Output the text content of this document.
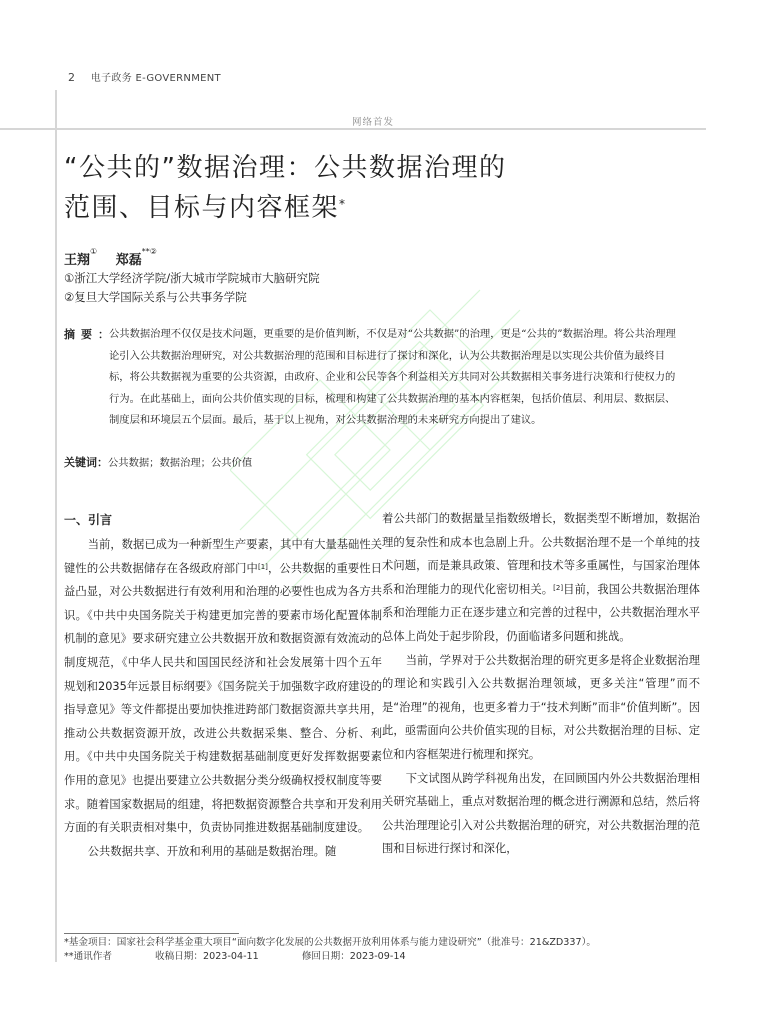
2 电子政务 E-GOVERNMENT
网络首发
“公共的”数据治理：公共数据治理的
范围、目标与内容框架*
王翔① 郑磊**②
①浙江大学经济学院/浙大城市学院城市大脑研究院
②复旦大学国际关系与公共事务学院
摘要：
公共数据治理不仅仅是技术问题，更重要的是价值判断，不仅是对“公共数据”的治理，更是“公共的”数据治理。将公共治理理论引入公共数据治理研究，对公共数据治理的范围和目标进行了探讨和深化，认为公共数据治理是以实现公共价值为最终目标，将公共数据视为重要的公共资源，由政府、企业和公民等各个利益相关方共同对公共数据相关事务进行决策和行使权力的行为。在此基础上，面向公共价值实现的目标，梳理和构建了公共数据治理的基本内容框架，包括价值层、利用层、数据层、制度层和环境层五个层面。最后，基于以上视角，对公共数据治理的未来研究方向提出了建议。
关键词：公共数据；数据治理；公共价值
一、引言

当前，数据已成为一种新型生产要素，其中有大量基础性关键性的公共数据储存在各级政府部门中[1]，公共数据的重要性日益凸显，对公共数据进行有效利用和治理的必要性也成为各方共识。《中共中央国务院关于构建更加完善的要素市场化配置体制机制的意见》要求研究建立公共数据开放和数据资源有效流动的制度规范，《中华人民共和国国民经济和社会发展第十四个五年规划和2035年远景目标纲要》《国务院关于加强数字政府建设的指导意见》等文件都提出要加快推进跨部门数据资源共享共用，推动公共数据资源开放，改进公共数据采集、整合、分析、利用。《中共中央国务院关于构建数据基础制度更好发挥数据要素作用的意见》也提出要建立公共数据分类分级确权授权制度等要求。随着国家数据局的组建，将把数据资源整合共享和开发利用方面的有关职责相对集中，负责协同推进数据基础制度建设。

公共数据共享、开放和利用的基础是数据治理。随

着公共部门的数据量呈指数级增长，数据类型不断增加，数据治理的复杂性和成本也急剧上升。公共数据治理不是一个单纯的技术问题，而是兼具政策、管理和技术等多重属性，与国家治理体系和治理能力的现代化密切相关。[2]目前，我国公共数据治理体系和治理能力正在逐步建立和完善的过程中，公共数据治理水平总体上尚处于起步阶段，仍面临诸多问题和挑战。

当前，学界对于公共数据治理的研究更多是将企业数据治理的理论和实践引入公共数据治理领域，更多关注“管理”而不是“治理”的视角，也更多着力于“技术判断”而非“价值判断”。因此，亟需面向公共价值实现的目标，对公共数据治理的目标、定位和内容框架进行梳理和探究。

下文试图从跨学科视角出发，在回顾国内外公共数据治理相关研究基础上，重点对数据治理的概念进行溯源和总结，然后将公共治理理论引入对公共数据治理的研究，对公共数据治理的范围和目标进行探讨和深化，

*基金项目：国家社会科学基金重大项目“面向数字化发展的公共数据开放利用体系与能力建设研究”（批准号：21&ZD337）。
**通讯作者	收稿日期：2023-04-11	修回日期：2023-09-14
